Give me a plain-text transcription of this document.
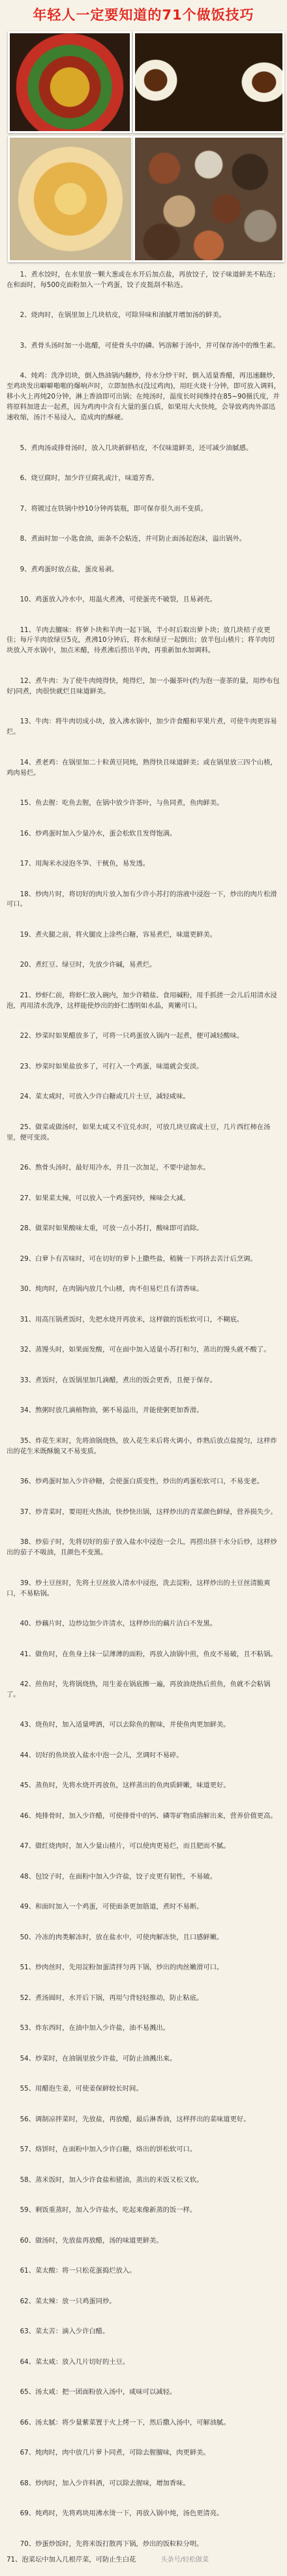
年轻人一定要知道的71个做饭技巧
1、煮水饺时，在水里放一颗大葱或在水开后加点盐，再放饺子，饺子味道鲜美不粘连；在和面时，每500克面粉加入一个鸡蛋，饺子皮挺刮不粘连。
2、烧肉时，在锅里加上几块桔皮，可除异味和油腻并增加汤的鲜美。
3、煮骨头汤时加一小匙醋，可使骨头中的磷、钙溶解于汤中，并可保存汤中的维生素。
4、炖鸡：洗净切块，倒入热油锅内翻炒，待水分炒干时，倒入适量香醋，再迅速翻炒，至鸡块发出噼噼啪啪的爆响声时，立即加热水(没过鸡肉)，用旺火烧十分钟，即可放入调料，移小火上再炖20分钟，淋上香油即可出锅；在炖汤时，温度长时间维持在85~90摄氏度，并将原料加进去一起煮，因为鸡肉中含有大量的蛋白质，如果用大火快炖，会导致鸡肉外部迅速收缩，汤汁不易浸入，造成肉的酥硬。
5、煮肉汤或排骨汤时，放入几块新鲜桔皮，不仅味道鲜美，还可减少油腻感。
6、烧豆腐时，加少许豆腐乳或汁，味道芳香。
7、将镀过在铁锅中炒10分钟再装瓶，即可保存很久而不变质。
8、煮面时加一小匙食油，面条不会粘连，并可防止面汤起泡沫，溢出锅外。
9、煮鸡蛋时放点盐，蛋皮易剥。
10、鸡蛋放入冷水中，用温火煮沸，可使蛋壳不破裂，且易剥壳。
11、羊肉去膻味：将萝卜块和羊肉一起下锅，半小时后取出萝卜块；放几块桔子皮更佳；每斤羊肉放绿豆5克，煮沸10分钟后，将水和绿豆一起倒出；放半包山楂片；将羊肉切块放入开水锅中，加点米醋，待煮沸后捞出羊肉，再重新加水加调料。
12、煮牛肉：为了使牛肉炖得快，炖得烂，加一小撮茶叶(约为泡一壶茶的量，用纱布包好)同煮，肉很快就烂且味道鲜美。
13、牛肉：将牛肉切成小块，放入沸水锅中，加少许食醋和苹果片煮，可使牛肉更容易烂。
14、煮老鸡：在锅里加二十粒黄豆同炖，熟得快且味道鲜美；或在锅里放三四个山楂，鸡肉易烂。
15、鱼去腥：吃鱼去腥，在锅中放少许茶叶，与鱼同煮，鱼肉鲜美。
16、炒鸡蛋时加入少量冷水，蛋会松软且发得饱满。
17、用淘米水浸泡冬笋、干鱿鱼，易发透。
18、炒肉片时，将切好的肉片放入加有少许小苏打的溶液中浸泡一下，炒出的肉片松滑可口。
19、煮火腿之前，将火腿皮上涂些白糖，容易煮烂，味道更鲜美。
20、煮红豆、绿豆时，先放少许碱，易煮烂。
21、炒虾仁前，将虾仁放入碗内，加少许精盐、食用碱粉，用手抓搓一会儿后用清水浸泡，再用清水洗净，这样能使炒出的虾仁透明如水晶，爽嫩可口。
22、炒菜时如果醋放多了，可将一只鸡蛋放入锅内一起煮，便可减轻酸味。
23、炒菜时如果盐放多了，可打入一个鸡蛋，味道就会变淡。
24、菜太咸时，可放入少许白糖或几片土豆，减轻咸味。
25、做菜或做汤时，如果太咸又不宜兑水时，可放几块豆腐或土豆，几片西红柿在汤里，便可变淡。
26、熬骨头汤时，最好用冷水，并且一次加足，不要中途加水。
27、如果菜太辣，可以放入一个鸡蛋同炒，辣味会大减。
28、做菜时如果酸味太重，可放一点小苏打，酸味即可消除。
29、白萝卜有苦味时，可在切好的萝卜上撒些盐，稍腌一下再挤去苦汁后烹调。
30、炖肉时，在肉锅内放几个山楂，肉不但易烂且有清香味。
31、用高压锅煮饭时，先把水烧开再放米，这样做的饭松软可口，不糊底。
32、蒸馒头时，如果面发酸，可在面中加入适量小苏打和匀，蒸出的馒头就不酸了。
33、煮饭时，在饭锅里加几滴醋，煮出的饭会更香，且便于保存。
34、熬粥时放几滴植物油，粥不易溢出，并能使粥更加香滑。
35、炸花生米时，先将油锅烧热，放入花生米后将火调小，炸熟后放点盐搅匀，这样炸出的花生米既酥脆又不易变质。
36、炒鸡蛋时加入少许砂糖，会使蛋白质变性，炒出的鸡蛋松软可口，不易变老。
37、炒青菜时，要用旺火热油，快炒快出锅，这样炒出的青菜颜色鲜绿，营养损失少。
38、炒茄子时，先将切好的茄子放入盐水中浸泡一会儿，再捞出挤干水分后炒，这样炒出的茄子不吸油，且颜色不变黑。
39、炒土豆丝时，先将土豆丝放入清水中浸泡，洗去淀粉，这样炒出的土豆丝清脆爽口，不易粘锅。
40、炒藕片时，边炒边加少许清水，这样炒出的藕片洁白不发黑。
41、做鱼时，在鱼身上抹一层薄薄的面粉，再放入油锅中煎，鱼皮不易破，且不粘锅。
42、煎鱼时，先将锅烧热，用生姜在锅底擦一遍，再放油烧热后煎鱼，鱼就不会粘锅了。
43、烧鱼时，加入适量啤酒，可以去除鱼的腥味，并使鱼肉更加鲜美。
44、切好的鱼块放入盐水中泡一会儿，烹调时不易碎。
45、蒸鱼时，先将水烧开再放鱼，这样蒸出的鱼肉质鲜嫩，味道更好。
46、炖排骨时，加入少许醋，可使排骨中的钙、磷等矿物质溶解出来，营养价值更高。
47、做红烧肉时，加入少量山楂片，可以使肉更易烂，而且肥而不腻。
48、包饺子时，在面粉中加入少许盐，饺子皮更有韧性，不易破。
49、和面时加入一个鸡蛋，可使面条更加筋道，煮时不易断。
50、冷冻的肉类解冻时，放在盐水中，可使肉解冻快，且口感鲜嫩。
51、炒肉丝时，先用淀粉加蛋清拌匀再下锅，炒出的肉丝嫩滑可口。
52、煮汤圆时，水开后下锅，再用勺背轻轻推动，防止粘底。
53、炸东西时，在油中加入少许盐，油不易溅出。
54、炒菜时，在油锅里放少许盐，可防止油溅出来。
55、用醋泡生姜，可使姜保鲜较长时间。
56、调制凉拌菜时，先放盐，再放醋，最后淋香油，这样拌出的菜味道更好。
57、烙饼时，在面粉中加入少许白糖，烙出的饼松软可口。
58、蒸米饭时，加入少许食盐和猪油，蒸出的米饭又松又软。
59、剩饭重蒸时，加入少许盐水，吃起来像新蒸的饭一样。
60、做汤时，先放盐再放醋，汤的味道更鲜美。
61、菜太酸：将一只松花蛋捣烂放入。
62、菜太辣：放一只鸡蛋同炒。
63、菜太苦：滴入少许白醋。
64、菜太咸：放入几片切好的土豆。
65、汤太咸：把一团面粉放入汤中，咸味可以减轻。
66、汤太腻：将少量紫菜置于火上烤一下，然后撒入汤中，可解油腻。
67、炖肉时，肉中放几片萝卜同煮，可除去腥膻味，肉更鲜美。
68、炒肉时，加入少许料酒，可以除去腥味，增加香味。
69、炖鸡时，先将鸡块用沸水烫一下，再放入锅中炖，汤色更清亮。
70、炒蛋炒饭时，先将米饭打散再下锅，炒出的饭粒粒分明。
71、泡菜坛中加入几根芹菜，可防止生白花	头条号/轻松做菜
